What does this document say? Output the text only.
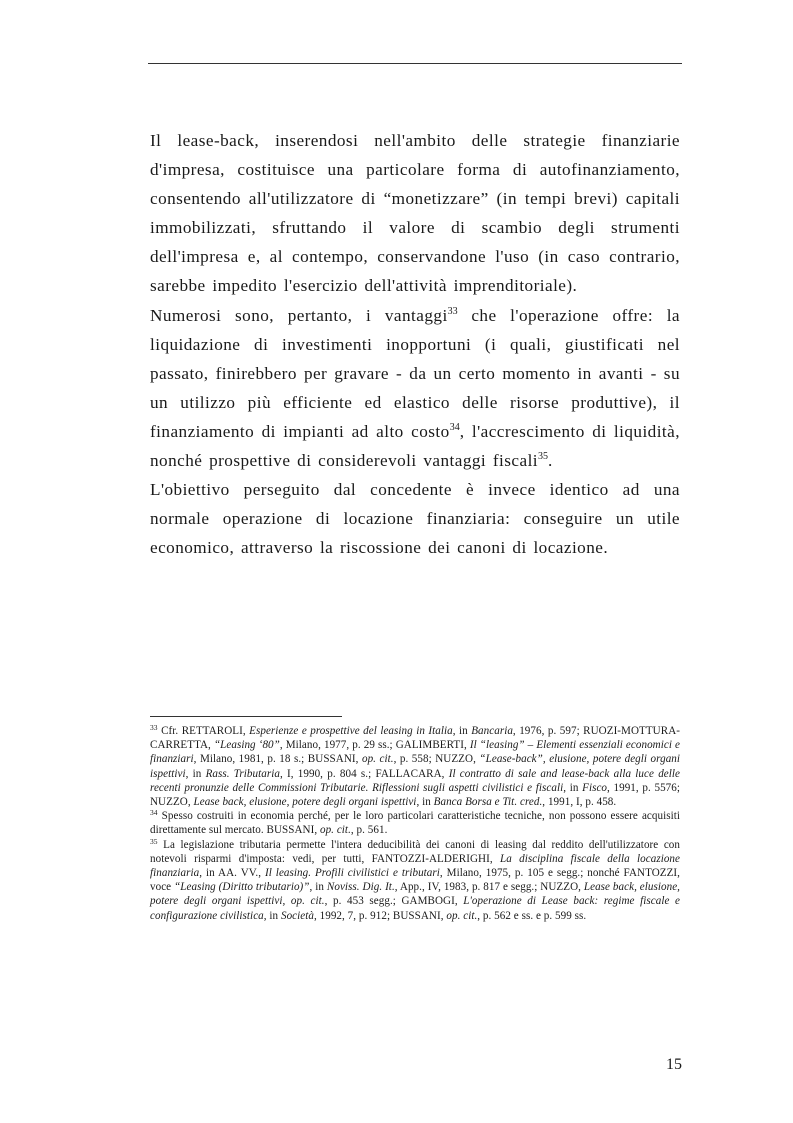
Il lease-back, inserendosi nell'ambito delle strategie finanziarie d'impresa, costituisce una particolare forma di autofinanziamento, consentendo all'utilizzatore di “monetizzare” (in tempi brevi) capitali immobilizzati, sfruttando il valore di scambio degli strumenti dell'impresa e, al contempo, conservandone l'uso (in caso contrario, sarebbe impedito l'esercizio dell'attività imprenditoriale).

Numerosi sono, pertanto, i vantaggi$^{33}$ che l'operazione offre: la liquidazione di investimenti inopportuni (i quali, giustificati nel passato, finirebbero per gravare - da un certo momento in avanti - su un utilizzo più efficiente ed elastico delle risorse produttive), il finanziamento di impianti ad alto costo$^{34}$, l'accrescimento di liquidità, nonché prospettive di considerevoli vantaggi fiscali$^{35}$.

L'obiettivo perseguito dal concedente è invece identico ad una normale operazione di locazione finanziaria: conseguire un utile economico, attraverso la riscossione dei canoni di locazione.

$^{33}$ Cfr. RETTAROLI, Esperienze e prospettive del leasing in Italia, in Bancaria, 1976, p. 597; RUOZI-MOTTURA-CARRETTA, “Leasing ‘80”, Milano, 1977, p. 29 ss.; GALIMBERTI, Il “leasing” – Elementi essenziali economici e finanziari, Milano, 1981, p. 18 s.; BUSSANI, op. cit., p. 558; NUZZO, “Lease-back”, elusione, potere degli organi ispettivi, in Rass. Tributaria, I, 1990, p. 804 s.; FALLACARA, Il contratto di sale and lease-back alla luce delle recenti pronunzie delle Commissioni Tributarie. Riflessioni sugli aspetti civilistici e fiscali, in Fisco, 1991, p. 5576; NUZZO, Lease back, elusione, potere degli organi ispettivi, in Banca Borsa e Tit. cred., 1991, I, p. 458.

$^{34}$ Spesso costruiti in economia perché, per le loro particolari caratteristiche tecniche, non possono essere acquisiti direttamente sul mercato. BUSSANI, op. cit., p. 561.

$^{35}$ La legislazione tributaria permette l'intera deducibilità dei canoni di leasing dal reddito dell'utilizzatore con notevoli risparmi d'imposta: vedi, per tutti, FANTOZZI-ALDERIGHI, La disciplina fiscale della locazione finanziaria, in AA. VV., Il leasing. Profili civilistici e tributari, Milano, 1975, p. 105 e segg.; nonché FANTOZZI, voce “Leasing (Diritto tributario)”, in Noviss. Dig. It., App., IV, 1983, p. 817 e segg.; NUZZO, Lease back, elusione, potere degli organi ispettivi, op. cit., p. 453 segg.; GAMBOGI, L'operazione di Lease back: regime fiscale e configurazione civilistica, in Società, 1992, 7, p. 912; BUSSANI, op. cit., p. 562 e ss. e p. 599 ss.

15
